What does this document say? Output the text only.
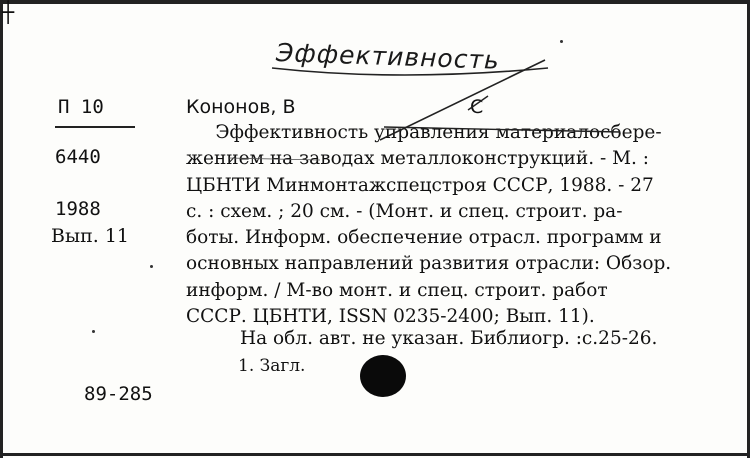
┼
Эффективность
П 10
6440
1988
Вып. 11
89-285
Кононов, В	С
Эффективность управления материалосбере-
жением на заводах металлоконструкций. - М. :
ЦБНТИ Минмонтажспецстроя СССР, 1988. - 27
с. : схем. ; 20 см. - (Монт. и спец. строит. ра-
боты. Информ. обеспечение отрасл. программ и
основных направлений развития отрасли: Обзор.
информ. / М-во монт. и спец. строит. работ
СССР. ЦБНТИ, ISSN 0235-2400; Вып. 11).
На обл. авт. не указан. Библиогр. :с.25-26.
1. Загл.
